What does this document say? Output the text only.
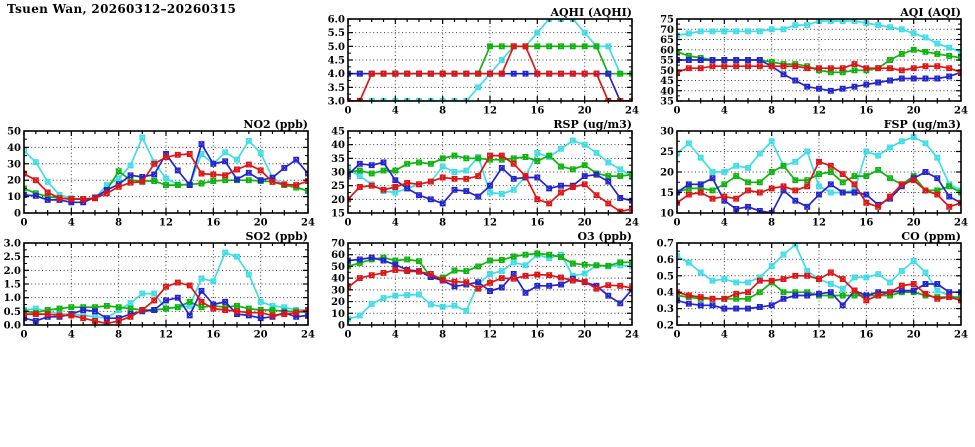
Tsuen Wan, 20260312–20260315
3.0
3.5
4.0
4.5
5.0
5.5
6.0
0	4	8	12	16	20	24
AQHI (AQHI)
35
40
45
50
55
60
65
70
75
0	4	8	12	16	20	24
AQI (AQI)
0
10
20
30
40
50
0	4	8	12	16	20	24
NO2 (ppb)
15
20
25
30
35
40
45
0	4	8	12	16	20	24
RSP (ug/m3)
10
15
20
25
30
0	4	8	12	16	20	24
FSP (ug/m3)
0.0
0.5
1.0
1.5
2.0
2.5
3.0
0	4	8	12	16	20	24
SO2 (ppb)
0
10
20
30
40
50
60
70
0	4	8	12	16	20	24
O3 (ppb)
0.2
0.3
0.4
0.5
0.6
0.7
0	4	8	12	16	20	24
CO (ppm)
